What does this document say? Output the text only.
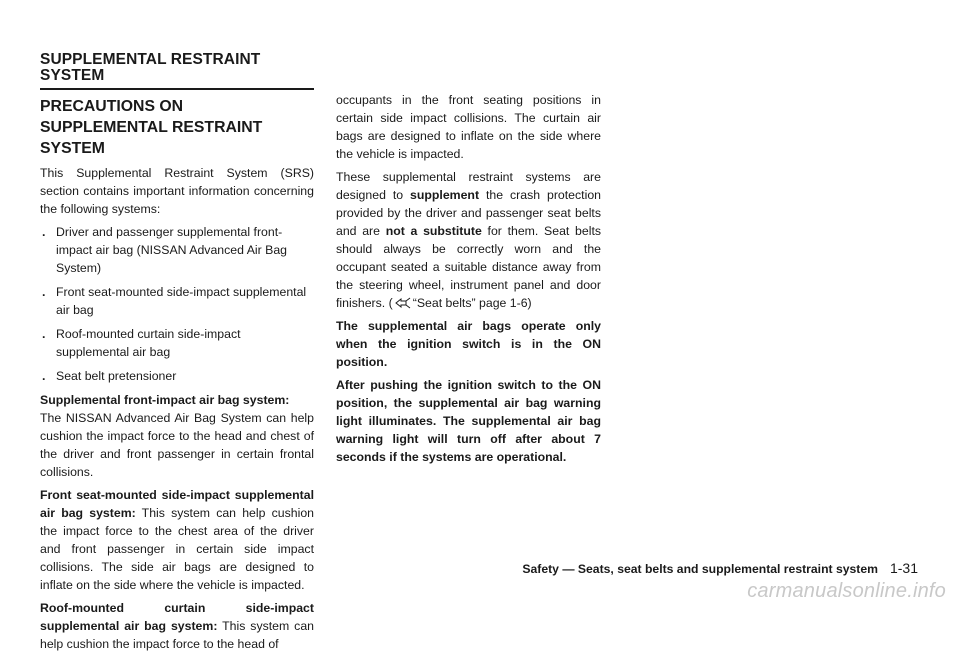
SUPPLEMENTAL RESTRAINT SYSTEM
PRECAUTIONS ON SUPPLEMENTAL RESTRAINT SYSTEM

This Supplemental Restraint System (SRS) section contains important information concerning the following systems:

. Driver and passenger supplemental front-impact air bag (NISSAN Advanced Air Bag System)
. Front seat-mounted side-impact supplemental air bag
. Roof-mounted curtain side-impact supplemental air bag
. Seat belt pretensioner

Supplemental front-impact air bag system:
The NISSAN Advanced Air Bag System can help cushion the impact force to the head and chest of the driver and front passenger in certain frontal collisions.

Front seat-mounted side-impact supplemental air bag system: This system can help cushion the impact force to the chest area of the driver and front passenger in certain side impact collisions. The side air bags are designed to inflate on the side where the vehicle is impacted.

Roof-mounted curtain side-impact supplemental air bag system: This system can help cushion the impact force to the head of

occupants in the front seating positions in certain side impact collisions. The curtain air bags are designed to inflate on the side where the vehicle is impacted.

These supplemental restraint systems are designed to supplement the crash protection provided by the driver and passenger seat belts and are not a substitute for them. Seat belts should always be correctly worn and the occupant seated a suitable distance away from the steering wheel, instrument panel and door finishers. ( “Seat belts” page 1-6)

The supplemental air bags operate only when the ignition switch is in the ON position.

After pushing the ignition switch to the ON position, the supplemental air bag warning light illuminates. The supplemental air bag warning light will turn off after about 7 seconds if the systems are operational.

Safety — Seats, seat belts and supplemental restraint system 1-31
carmanualsonline.info
